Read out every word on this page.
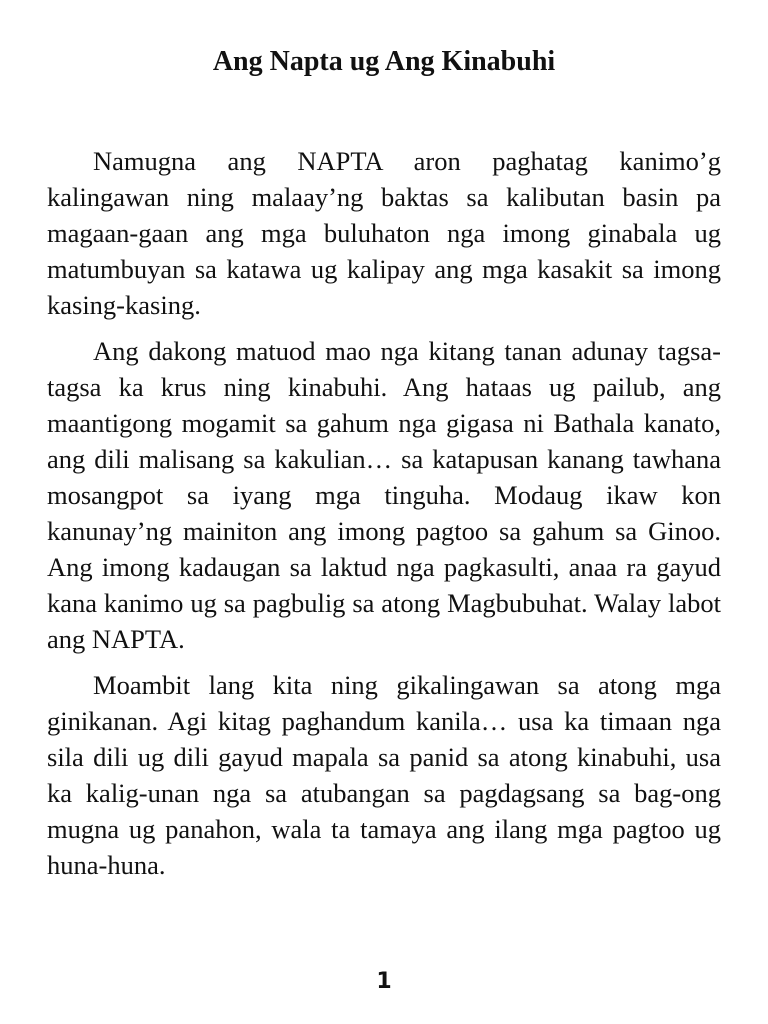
Ang Napta ug Ang Kinabuhi

Namugna ang NAPTA aron paghatag kanimo’g kalingawan ning malaay’ng baktas sa kalibutan basin pa magaan-gaan ang mga buluhaton nga imong ginabala ug matumbuyan sa katawa ug kalipay ang mga kasakit sa imong kasing-kasing.

Ang dakong matuod mao nga kitang tanan adunay tagsa-tagsa ka krus ning kinabuhi. Ang hataas ug pailub, ang maantigong mogamit sa gahum nga gigasa ni Bathala kanato, ang dili malisang sa kakulian… sa katapusan kanang tawhana mosangpot sa iyang mga tinguha. Modaug ikaw kon kanunay’ng mainiton ang imong pagtoo sa gahum sa Ginoo. Ang imong kadaugan sa laktud nga pagkasulti, anaa ra gayud kana kanimo ug sa pagbulig sa atong Magbubuhat. Walay labot ang NAPTA.

Moambit lang kita ning gikalingawan sa atong mga ginikanan. Agi kitag paghandum kanila… usa ka timaan nga sila dili ug dili gayud mapala sa panid sa atong kinabuhi, usa ka kalig-unan nga sa atubangan sa pagdagsang sa bag-ong mugna ug panahon, wala ta tamaya ang ilang mga pagtoo ug huna-huna.

1
